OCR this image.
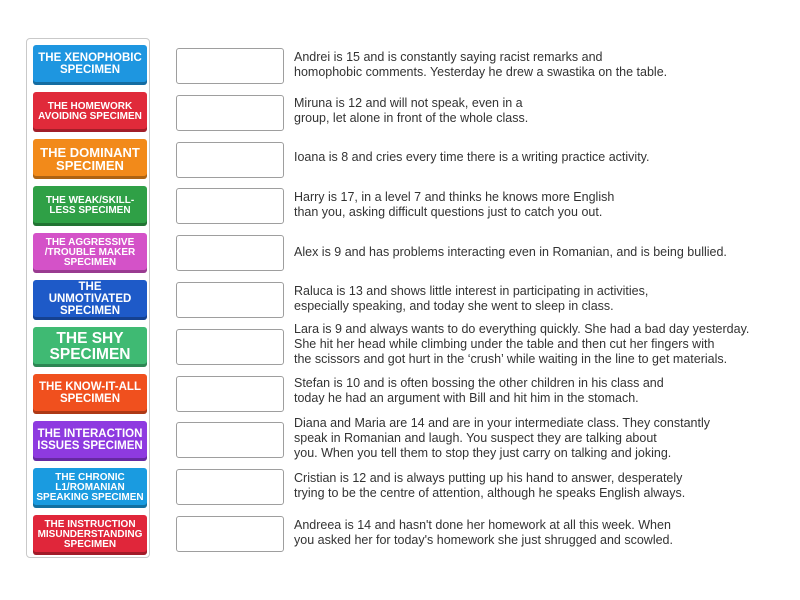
THE XENOPHOBIC SPECIMEN
THE HOMEWORK AVOIDING SPECIMEN
THE DOMINANT SPECIMEN
THE WEAK/SKILL-LESS SPECIMEN
THE AGGRESSIVE /TROUBLE MAKER SPECIMEN
THE UNMOTIVATED SPECIMEN
THE SHY SPECIMEN
THE KNOW-IT-ALL SPECIMEN
THE INTERACTION ISSUES SPECIMEN
THE CHRONIC L1/ROMANIAN SPEAKING SPECIMEN
THE INSTRUCTION MISUNDERSTANDING SPECIMEN
Andrei is 15 and is constantly saying racist remarks and
homophobic comments. Yesterday he drew a swastika on the table.
Miruna is 12 and will not speak, even in a
group, let alone in front of the whole class.
Ioana is 8 and cries every time there is a writing practice activity.
Harry is 17, in a level 7 and thinks he knows more English
than you, asking difficult questions just to catch you out.
Alex is 9 and has problems interacting even in Romanian, and is being bullied.
Raluca is 13 and shows little interest in participating in activities,
especially speaking, and today she went to sleep in class.
Lara is 9 and always wants to do everything quickly. She had a bad day yesterday.
She hit her head while climbing under the table and then cut her fingers with
the scissors and got hurt in the ‘crush’ while waiting in the line to get materials.
Stefan is 10 and is often bossing the other children in his class and
today he had an argument with Bill and hit him in the stomach.
Diana and Maria are 14 and are in your intermediate class. They constantly
speak in Romanian and laugh. You suspect they are talking about
you. When you tell them to stop they just carry on talking and joking.
Cristian is 12 and is always putting up his hand to answer, desperately
trying to be the centre of attention, although he speaks English always.
Andreea is 14 and hasn't done her homework at all this week. When
you asked her for today's homework she just shrugged and scowled.
